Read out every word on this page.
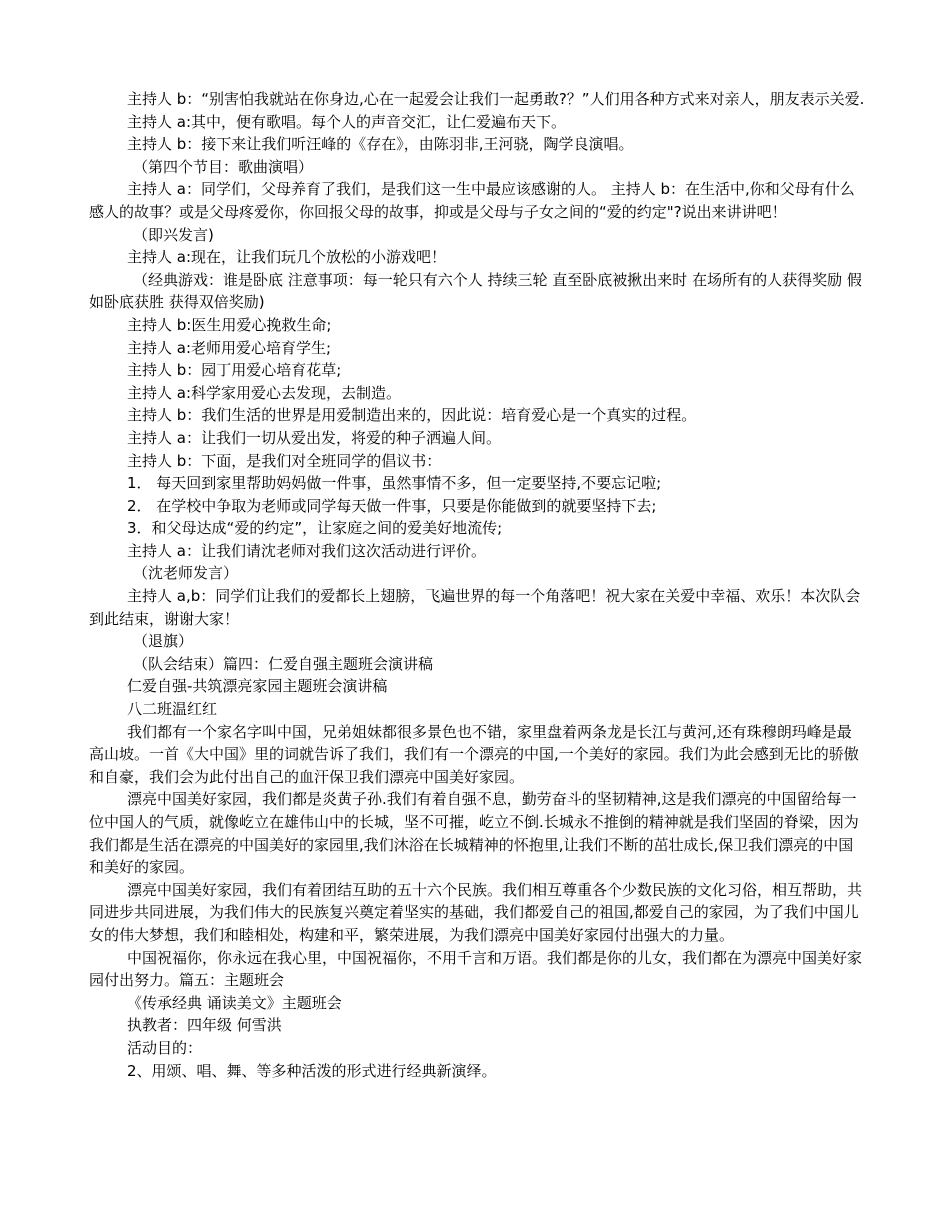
主持人 b：“别害怕我就站在你身边,心在一起爱会让我们一起勇敢?？”人们用各种方式来对亲人，朋友表示关爱.

主持人 a:其中，便有歌唱。每个人的声音交汇，让仁爱遍布天下。

主持人 b：接下来让我们听汪峰的《存在》，由陈羽非,王河骁，陶学良演唱。

（第四个节目：歌曲演唱）

主持人 a：同学们，父母养育了我们，是我们这一生中最应该感谢的人。 主持人 b：在生活中,你和父母有什么感人的故事？或是父母疼爱你，你回报父母的故事，抑或是父母与子女之间的“爱的约定"?说出来讲讲吧！

（即兴发言)

主持人 a:现在，让我们玩几个放松的小游戏吧！

（经典游戏：谁是卧底 注意事项：每一轮只有六个人 持续三轮 直至卧底被揪出来时 在场所有的人获得奖励 假如卧底获胜 获得双倍奖励)

主持人 b:医生用爱心挽救生命;

主持人 a:老师用爱心培育学生;

主持人 b：园丁用爱心培育花草;

主持人 a:科学家用爱心去发现，去制造。

主持人 b：我们生活的世界是用爱制造出来的，因此说：培育爱心是一个真实的过程。

主持人 a：让我们一切从爱出发，将爱的种子洒遍人间。

主持人 b：下面，是我们对全班同学的倡议书：

1． 每天回到家里帮助妈妈做一件事，虽然事情不多，但一定要坚持,不要忘记啦;

2． 在学校中争取为老师或同学每天做一件事，只要是你能做到的就要坚持下去;

3．和父母达成“爱的约定”，让家庭之间的爱美好地流传;

主持人 a：让我们请沈老师对我们这次活动进行评价。

（沈老师发言）

主持人 a,b：同学们让我们的爱都长上翅膀，飞遍世界的每一个角落吧！祝大家在关爱中幸福、欢乐！本次队会到此结束，谢谢大家！

（退旗）

（队会结束）篇四：仁爱自强主题班会演讲稿

仁爱自强-共筑漂亮家园主题班会演讲稿

八二班温红红

我们都有一个家名字叫中国，兄弟姐妹都很多景色也不错，家里盘着两条龙是长江与黄河,还有珠穆朗玛峰是最高山坡。一首《大中国》里的词就告诉了我们，我们有一个漂亮的中国,一个美好的家园。我们为此会感到无比的骄傲和自豪，我们会为此付出自己的血汗保卫我们漂亮中国美好家园。

漂亮中国美好家园，我们都是炎黄子孙.我们有着自强不息，勤劳奋斗的坚韧精神,这是我们漂亮的中国留给每一位中国人的气质，就像屹立在雄伟山中的长城，坚不可摧，屹立不倒.长城永不推倒的精神就是我们坚固的脊梁，因为我们都是生活在漂亮的中国美好的家园里,我们沐浴在长城精神的怀抱里,让我们不断的茁壮成长,保卫我们漂亮的中国和美好的家园。

漂亮中国美好家园，我们有着团结互助的五十六个民族。我们相互尊重各个少数民族的文化习俗，相互帮助，共同进步共同进展，为我们伟大的民族复兴奠定着坚实的基础，我们都爱自己的祖国,都爱自己的家园，为了我们中国儿女的伟大梦想，我们和睦相处，构建和平，繁荣进展，为我们漂亮中国美好家园付出强大的力量。

中国祝福你，你永远在我心里，中国祝福你，不用千言和万语。我们都是你的儿女，我们都在为漂亮中国美好家园付出努力。篇五：主题班会

《传承经典 诵读美文》主题班会

执教者：四年级 何雪洪

活动目的：

2、用颂、唱、舞、等多种活泼的形式进行经典新演绎。
